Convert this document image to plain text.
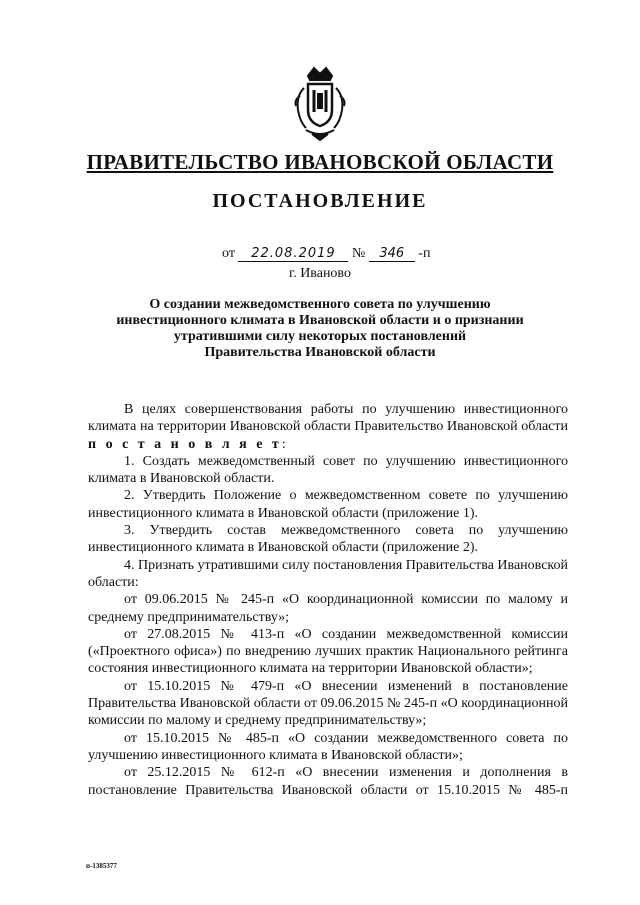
ПРАВИТЕЛЬСТВО ИВАНОВСКОЙ ОБЛАСТИ
ПОСТАНОВЛЕНИЕ
от 22.08.2019 № 346 -п
г. Иваново
О создании межведомственного совета по улучшению
инвестиционного климата в Ивановской области и о признании
утратившими силу некоторых постановлений
Правительства Ивановской области

В целях совершенствования работы по улучшению инвестиционного климата на территории Ивановской области Правительство Ивановской области п о с т а н о в л я е т:

1. Создать межведомственный совет по улучшению инвестиционного климата в Ивановской области.

2. Утвердить Положение о межведомственном совете по улучшению инвестиционного климата в Ивановской области (приложение 1).

3. Утвердить состав межведомственного совета по улучшению инвестиционного климата в Ивановской области (приложение 2).

4. Признать утратившими силу постановления Правительства Ивановской области:

от 09.06.2015 № 245-п «О координационной комиссии по малому и среднему предпринимательству»;

от 27.08.2015 № 413-п «О создании межведомственной комиссии («Проектного офиса») по внедрению лучших практик Национального рейтинга состояния инвестиционного климата на территории Ивановской области»;

от 15.10.2015 № 479-п «О внесении изменений в постановление Правительства Ивановской области от 09.06.2015 № 245-п «О координационной комиссии по малому и среднему предпринимательству»;

от 15.10.2015 № 485-п «О создании межведомственного совета по улучшению инвестиционного климата в Ивановской области»;

от 25.12.2015 № 612-п «О внесении изменения и дополнения в постановление Правительства Ивановской области от 15.10.2015 № 485-п

п-1385377
